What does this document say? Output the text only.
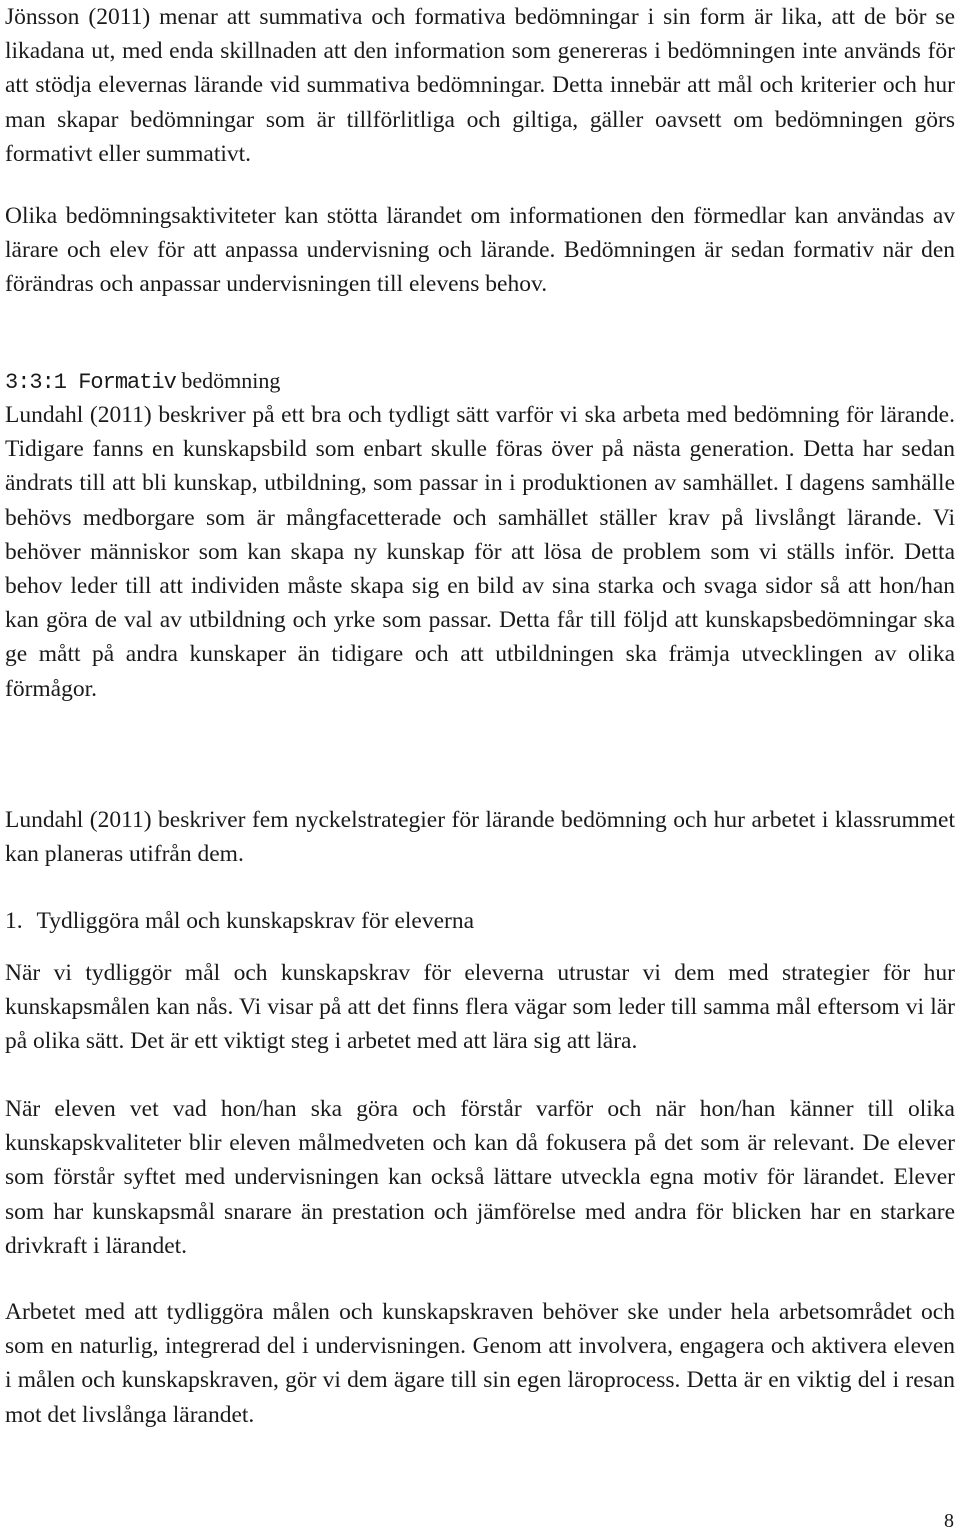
Jönsson (2011) menar att summativa och formativa bedömningar i sin form är lika, att de bör se likadana ut, med enda skillnaden att den information som genereras i bedömningen inte används för att stödja elevernas lärande vid summativa bedömningar. Detta innebär att mål och kriterier och hur man skapar bedömningar som är tillförlitliga och giltiga, gäller oavsett om bedömningen görs formativt eller summativt.

Olika bedömningsaktiviteter kan stötta lärandet om informationen den förmedlar kan användas av lärare och elev för att anpassa undervisning och lärande. Bedömningen är sedan formativ när den förändras och anpassar undervisningen till elevens behov.

3:3:1 Formativ bedömning

Lundahl (2011) beskriver på ett bra och tydligt sätt varför vi ska arbeta med bedömning för lärande. Tidigare fanns en kunskapsbild som enbart skulle föras över på nästa generation. Detta har sedan ändrats till att bli kunskap, utbildning, som passar in i produktionen av samhället. I dagens samhälle behövs medborgare som är mångfacetterade och samhället ställer krav på livslångt lärande. Vi behöver människor som kan skapa ny kunskap för att lösa de problem som vi ställs inför. Detta behov leder till att individen måste skapa sig en bild av sina starka och svaga sidor så att hon/han kan göra de val av utbildning och yrke som passar. Detta får till följd att kunskapsbedömningar ska ge mått på andra kunskaper än tidigare och att utbildningen ska främja utvecklingen av olika förmågor.

Lundahl (2011) beskriver fem nyckelstrategier för lärande bedömning och hur arbetet i klassrummet kan planeras utifrån dem.

1. Tydliggöra mål och kunskapskrav för eleverna

När vi tydliggör mål och kunskapskrav för eleverna utrustar vi dem med strategier för hur kunskapsmålen kan nås. Vi visar på att det finns flera vägar som leder till samma mål eftersom vi lär på olika sätt. Det är ett viktigt steg i arbetet med att lära sig att lära.

När eleven vet vad hon/han ska göra och förstår varför och när hon/han känner till olika kunskapskvaliteter blir eleven målmedveten och kan då fokusera på det som är relevant. De elever som förstår syftet med undervisningen kan också lättare utveckla egna motiv för lärandet. Elever som har kunskapsmål snarare än prestation och jämförelse med andra för blicken har en starkare drivkraft i lärandet.

Arbetet med att tydliggöra målen och kunskapskraven behöver ske under hela arbetsområdet och som en naturlig, integrerad del i undervisningen. Genom att involvera, engagera och aktivera eleven i målen och kunskapskraven, gör vi dem ägare till sin egen läroprocess. Detta är en viktig del i resan mot det livslånga lärandet.

8
